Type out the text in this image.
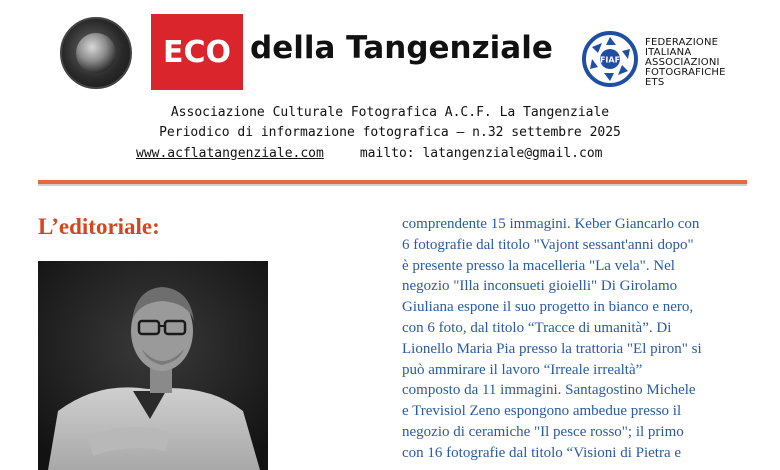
ECO della Tangenziale	FIAF
FEDERAZIONE
ITALIANA
ASSOCIAZIONI
FOTOGRAFICHE
ETS
Associazione Culturale Fotografica A.C.F. La Tangenziale
Periodico di informazione fotografica – n.32 settembre 2025
www.acflatangenziale.com	mailto: latangenziale@gmail.com
L’editoriale:	comprendente 15 immagini. Keber Giancarlo con
6 fotografie dal titolo "Vajont sessant'anni dopo"
è presente presso la macelleria "La vela". Nel
negozio "Illa inconsueti gioielli" Di Girolamo
Giuliana espone il suo progetto in bianco e nero,
con 6 foto, dal titolo “Tracce di umanità”. Di
Lionello Maria Pia presso la trattoria "El piron" si
può ammirare il lavoro “Irreale irrealtà”
composto da 11 immagini. Santagostino Michele
e Trevisiol Zeno espongono ambedue presso il
negozio di ceramiche "Il pesce rosso"; il primo
con 16 fotografie dal titolo “Visioni di Pietra e
